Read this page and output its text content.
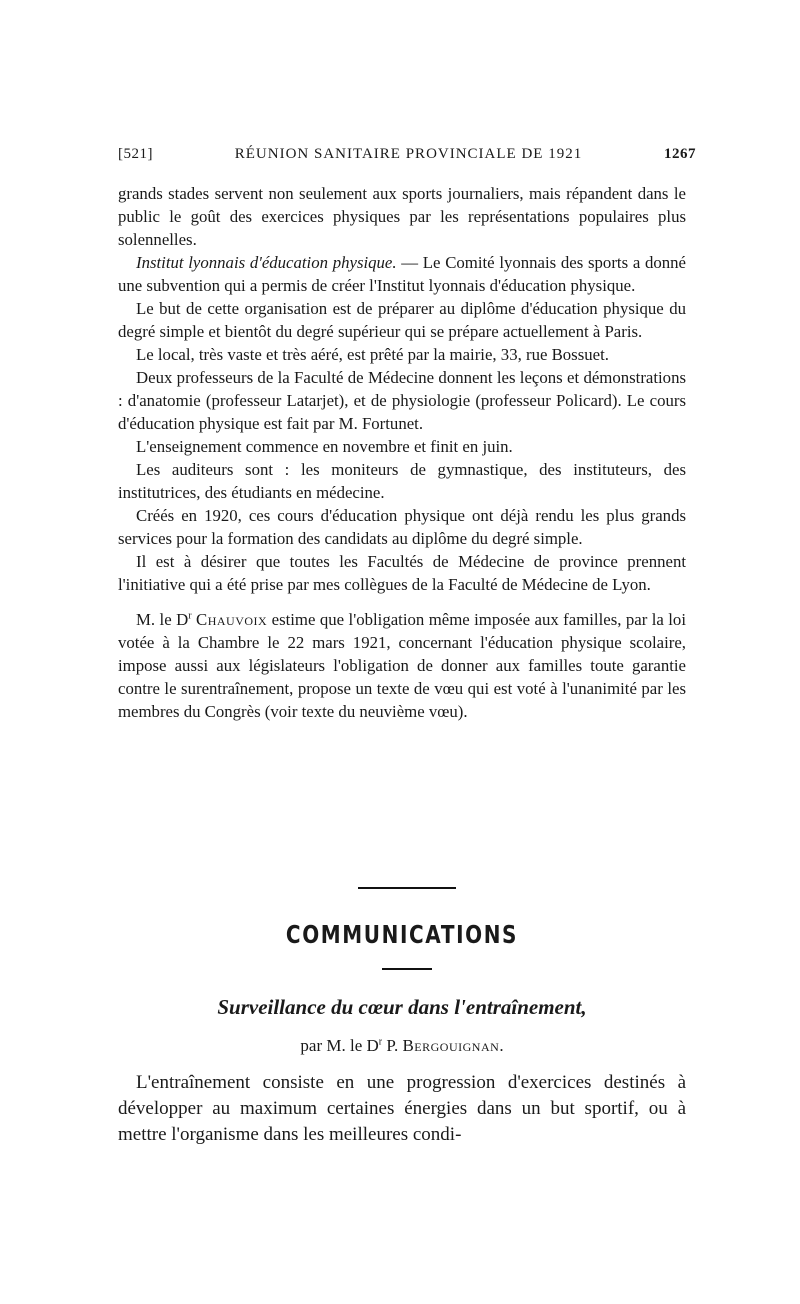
[521]	RÉUNION SANITAIRE PROVINCIALE DE 1921	1267

grands stades servent non seulement aux sports journaliers, mais répandent dans le public le goût des exercices physiques par les représentations populaires plus solennelles.

Institut lyonnais d'éducation physique. — Le Comité lyonnais des sports a donné une subvention qui a permis de créer l'Institut lyonnais d'éducation physique.

Le but de cette organisation est de préparer au diplôme d'éducation physique du degré simple et bientôt du degré supérieur qui se prépare actuellement à Paris.

Le local, très vaste et très aéré, est prêté par la mairie, 33, rue Bossuet.

Deux professeurs de la Faculté de Médecine donnent les leçons et démonstrations : d'anatomie (professeur Latarjet), et de physiologie (professeur Policard). Le cours d'éducation physique est fait par M. Fortunet.

L'enseignement commence en novembre et finit en juin.

Les auditeurs sont : les moniteurs de gymnastique, des instituteurs, des institutrices, des étudiants en médecine.

Créés en 1920, ces cours d'éducation physique ont déjà rendu les plus grands services pour la formation des candidats au diplôme du degré simple.

Il est à désirer que toutes les Facultés de Médecine de province prennent l'initiative qui a été prise par mes collègues de la Faculté de Médecine de Lyon.

M. le $D^r$ Chauvoix estime que l'obligation même imposée aux familles, par la loi votée à la Chambre le 22 mars 1921, concernant l'éducation physique scolaire, impose aussi aux législateurs l'obligation de donner aux familles toute garantie contre le surentraînement, propose un texte de vœu qui est voté à l'unanimité par les membres du Congrès (voir texte du neuvième vœu).

COMMUNICATIONS
Surveillance du cœur dans l'entraînement,
par M. le $D^r$ P. Bergouignan.

L'entraînement consiste en une progression d'exercices destinés à développer au maximum certaines énergies dans un but sportif, ou à mettre l'organisme dans les meilleures condi-
